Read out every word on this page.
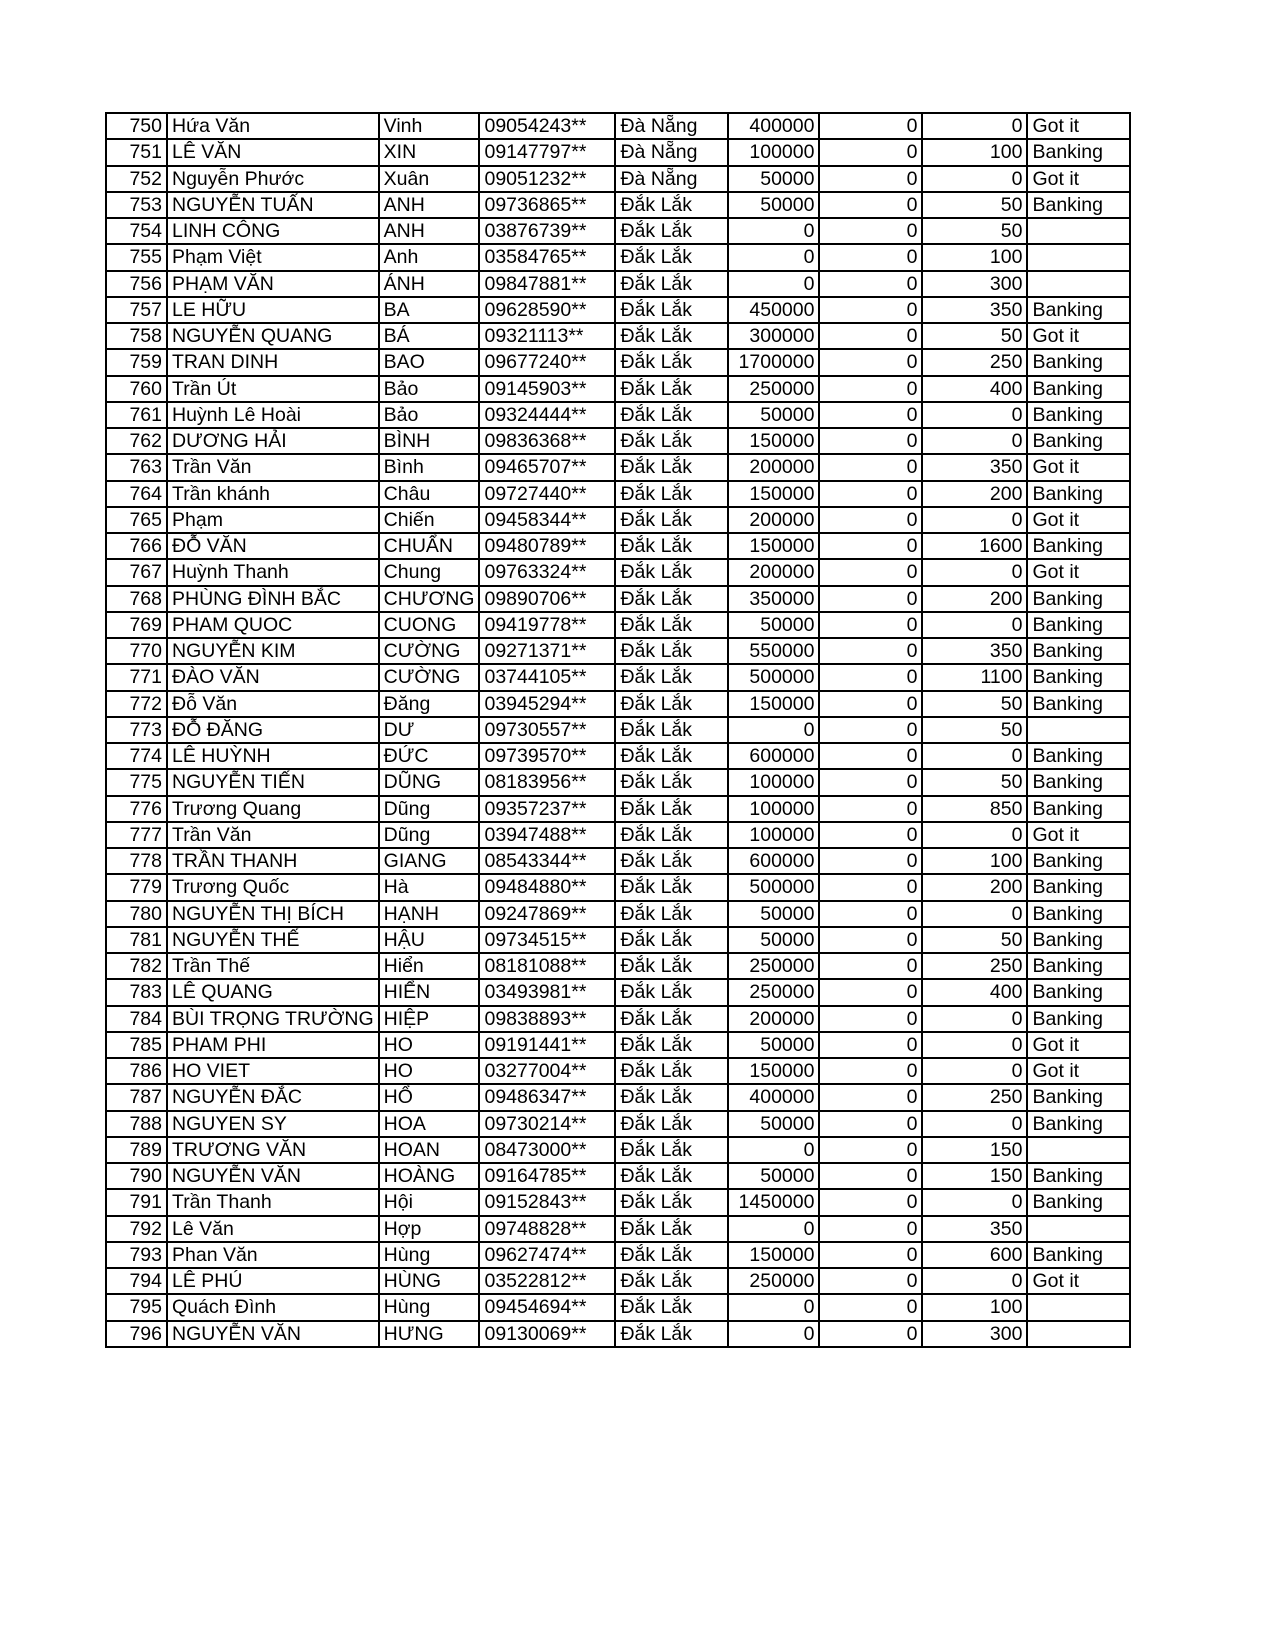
750	Hứa Văn	Vinh	09054243**	Đà Nẵng	400000	0	0	Got it
751	LÊ VĂN	XIN	09147797**	Đà Nẵng	100000	0	100	Banking
752	Nguyễn Phước	Xuân	09051232**	Đà Nẵng	50000	0	0	Got it
753	NGUYỄN TUẤN	ANH	09736865**	Đắk Lắk	50000	0	50	Banking
754	LINH CÔNG	ANH	03876739**	Đắk Lắk	0	0	50	
755	Phạm Việt	Anh	03584765**	Đắk Lắk	0	0	100	
756	PHẠM VĂN	ÁNH	09847881**	Đắk Lắk	0	0	300	
757	LE HỮU	BA	09628590**	Đắk Lắk	450000	0	350	Banking
758	NGUYỄN QUANG	BÁ	09321113**	Đắk Lắk	300000	0	50	Got it
759	TRAN DINH	BAO	09677240**	Đắk Lắk	1700000	0	250	Banking
760	Trần Út	Bảo	09145903**	Đắk Lắk	250000	0	400	Banking
761	Huỳnh Lê Hoài	Bảo	09324444**	Đắk Lắk	50000	0	0	Banking
762	DƯƠNG HẢI	BÌNH	09836368**	Đắk Lắk	150000	0	0	Banking
763	Trần Văn	Bình	09465707**	Đắk Lắk	200000	0	350	Got it
764	Trần khánh	Châu	09727440**	Đắk Lắk	150000	0	200	Banking
765	Phạm	Chiến	09458344**	Đắk Lắk	200000	0	0	Got it
766	ĐỖ VĂN	CHUẨN	09480789**	Đắk Lắk	150000	0	1600	Banking
767	Huỳnh Thanh	Chung	09763324**	Đắk Lắk	200000	0	0	Got it
768	PHÙNG ĐÌNH BẮC	CHƯƠNG	09890706**	Đắk Lắk	350000	0	200	Banking
769	PHAM QUOC	CUONG	09419778**	Đắk Lắk	50000	0	0	Banking
770	NGUYỄN KIM	CƯỜNG	09271371**	Đắk Lắk	550000	0	350	Banking
771	ĐÀO VĂN	CƯỜNG	03744105**	Đắk Lắk	500000	0	1100	Banking
772	Đỗ Văn	Đăng	03945294**	Đắk Lắk	150000	0	50	Banking
773	ĐỖ ĐĂNG	DƯ	09730557**	Đắk Lắk	0	0	50	
774	LÊ HUỲNH	ĐỨC	09739570**	Đắk Lắk	600000	0	0	Banking
775	NGUYỄN TIẾN	DŨNG	08183956**	Đắk Lắk	100000	0	50	Banking
776	Trương Quang	Dũng	09357237**	Đắk Lắk	100000	0	850	Banking
777	Trần Văn	Dũng	03947488**	Đắk Lắk	100000	0	0	Got it
778	TRẦN THANH	GIANG	08543344**	Đắk Lắk	600000	0	100	Banking
779	Trương Quốc	Hà	09484880**	Đắk Lắk	500000	0	200	Banking
780	NGUYỄN THỊ BÍCH	HẠNH	09247869**	Đắk Lắk	50000	0	0	Banking
781	NGUYỄN THẾ	HẬU	09734515**	Đắk Lắk	50000	0	50	Banking
782	Trần Thế	Hiển	08181088**	Đắk Lắk	250000	0	250	Banking
783	LÊ QUANG	HIỂN	03493981**	Đắk Lắk	250000	0	400	Banking
784	BÙI TRỌNG TRƯỜNG	HIỆP	09838893**	Đắk Lắk	200000	0	0	Banking
785	PHAM PHI	HO	09191441**	Đắk Lắk	50000	0	0	Got it
786	HO VIET	HO	03277004**	Đắk Lắk	150000	0	0	Got it
787	NGUYỄN ĐẮC	HỔ	09486347**	Đắk Lắk	400000	0	250	Banking
788	NGUYEN SY	HOA	09730214**	Đắk Lắk	50000	0	0	Banking
789	TRƯƠNG VĂN	HOAN	08473000**	Đắk Lắk	0	0	150	
790	NGUYỄN VĂN	HOÀNG	09164785**	Đắk Lắk	50000	0	150	Banking
791	Trần Thanh	Hội	09152843**	Đắk Lắk	1450000	0	0	Banking
792	Lê Văn	Hợp	09748828**	Đắk Lắk	0	0	350	
793	Phan Văn	Hùng	09627474**	Đắk Lắk	150000	0	600	Banking
794	LÊ PHÚ	HÙNG	03522812**	Đắk Lắk	250000	0	0	Got it
795	Quách Đình	Hùng	09454694**	Đắk Lắk	0	0	100	
796	NGUYỄN VĂN	HƯNG	09130069**	Đắk Lắk	0	0	300	
